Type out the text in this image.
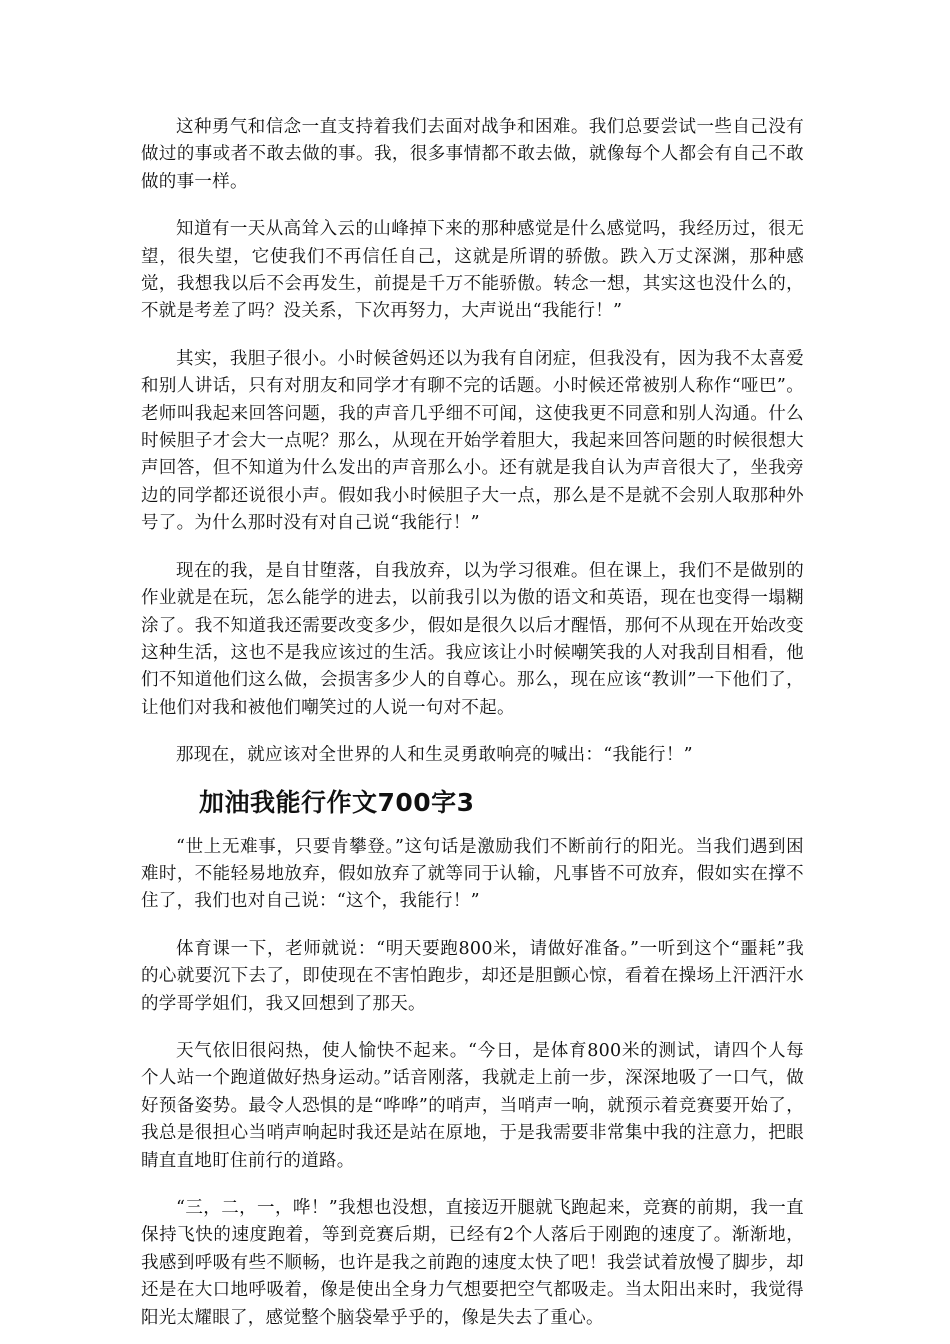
这种勇气和信念一直支持着我们去面对战争和困难。我们总要尝试一些自己没有做过的事或者不敢去做的事。我，很多事情都不敢去做，就像每个人都会有自己不敢做的事一样。

知道有一天从高耸入云的山峰掉下来的那种感觉是什么感觉吗，我经历过，很无望，很失望，它使我们不再信任自己，这就是所谓的骄傲。跌入万丈深渊，那种感觉，我想我以后不会再发生，前提是千万不能骄傲。转念一想，其实这也没什么的，不就是考差了吗？没关系，下次再努力，大声说出“我能行！”

其实，我胆子很小。小时候爸妈还以为我有自闭症，但我没有，因为我不太喜爱和别人讲话，只有对朋友和同学才有聊不完的话题。小时候还常被别人称作“哑巴”。老师叫我起来回答问题，我的声音几乎细不可闻，这使我更不同意和别人沟通。什么时候胆子才会大一点呢？那么，从现在开始学着胆大，我起来回答问题的时候很想大声回答，但不知道为什么发出的声音那么小。还有就是我自认为声音很大了，坐我旁边的同学都还说很小声。假如我小时候胆子大一点，那么是不是就不会别人取那种外号了。为什么那时没有对自己说“我能行！”

现在的我，是自甘堕落，自我放弃，以为学习很难。但在课上，我们不是做别的作业就是在玩，怎么能学的进去，以前我引以为傲的语文和英语，现在也变得一塌糊涂了。我不知道我还需要改变多少，假如是很久以后才醒悟，那何不从现在开始改变这种生活，这也不是我应该过的生活。我应该让小时候嘲笑我的人对我刮目相看，他们不知道他们这么做，会损害多少人的自尊心。那么，现在应该“教训”一下他们了，让他们对我和被他们嘲笑过的人说一句对不起。

那现在，就应该对全世界的人和生灵勇敢响亮的喊出：“我能行！”

加油我能行作文700字3

“世上无难事，只要肯攀登。”这句话是激励我们不断前行的阳光。当我们遇到困难时，不能轻易地放弃，假如放弃了就等同于认输，凡事皆不可放弃，假如实在撑不住了，我们也对自己说：“这个，我能行！”

体育课一下，老师就说：“明天要跑800米，请做好准备。”一听到这个“噩耗”我的心就要沉下去了，即使现在不害怕跑步，却还是胆颤心惊，看着在操场上汗洒汗水的学哥学姐们，我又回想到了那天。

天气依旧很闷热，使人愉快不起来。“今日，是体育800米的测试，请四个人每个人站一个跑道做好热身运动。”话音刚落，我就走上前一步，深深地吸了一口气，做好预备姿势。最令人恐惧的是“哗哗”的哨声，当哨声一响，就预示着竞赛要开始了，我总是很担心当哨声响起时我还是站在原地，于是我需要非常集中我的注意力，把眼睛直直地盯住前行的道路。

“三，二，一，哗！”我想也没想，直接迈开腿就飞跑起来，竞赛的前期，我一直保持飞快的速度跑着，等到竞赛后期，已经有2个人落后于刚跑的速度了。渐渐地，我感到呼吸有些不顺畅，也许是我之前跑的速度太快了吧！我尝试着放慢了脚步，却还是在大口地呼吸着，像是使出全身力气想要把空气都吸走。当太阳出来时，我觉得阳光太耀眼了，感觉整个脑袋晕乎乎的，像是失去了重心。
